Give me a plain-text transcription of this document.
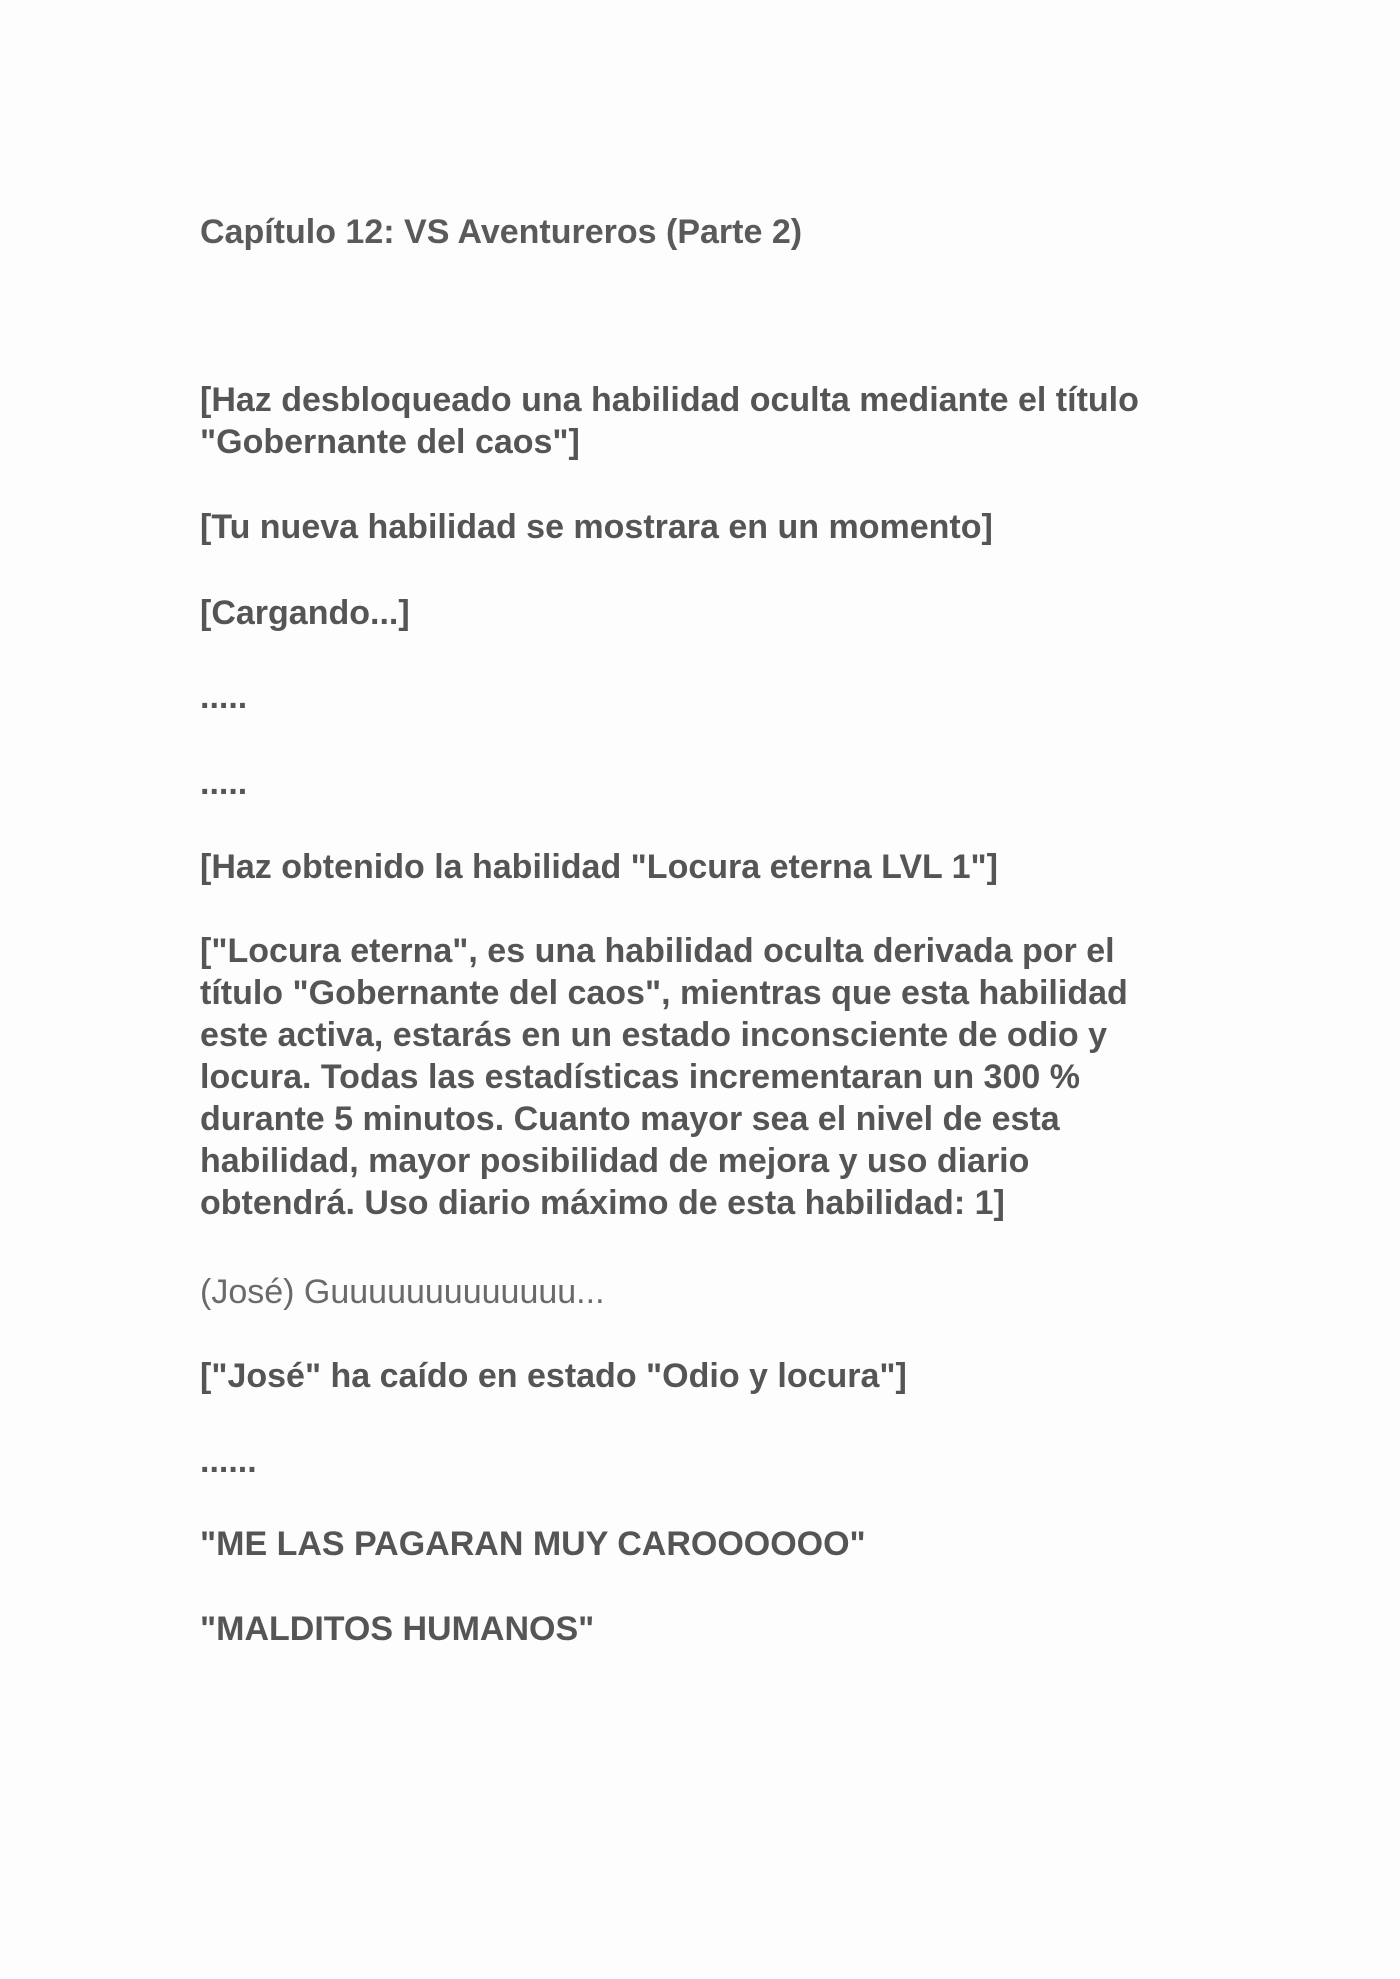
Capítulo 12: VS Aventureros (Parte 2)

[Haz desbloqueado una habilidad oculta mediante el título
"Gobernante del caos"]

[Tu nueva habilidad se mostrara en un momento]

[Cargando...]

.....

.....

[Haz obtenido la habilidad "Locura eterna LVL 1"]

["Locura eterna", es una habilidad oculta derivada por el
título "Gobernante del caos", mientras que esta habilidad
este activa, estarás en un estado inconsciente de odio y
locura. Todas las estadísticas incrementaran un 300 %
durante 5 minutos. Cuanto mayor sea el nivel de esta
habilidad, mayor posibilidad de mejora y uso diario
obtendrá. Uso diario máximo de esta habilidad: 1]

(José) Guuuuuuuuuuuuu...

["José" ha caído en estado "Odio y locura"]

......

"ME LAS PAGARAN MUY CAROOOOOO"

"MALDITOS HUMANOS"
